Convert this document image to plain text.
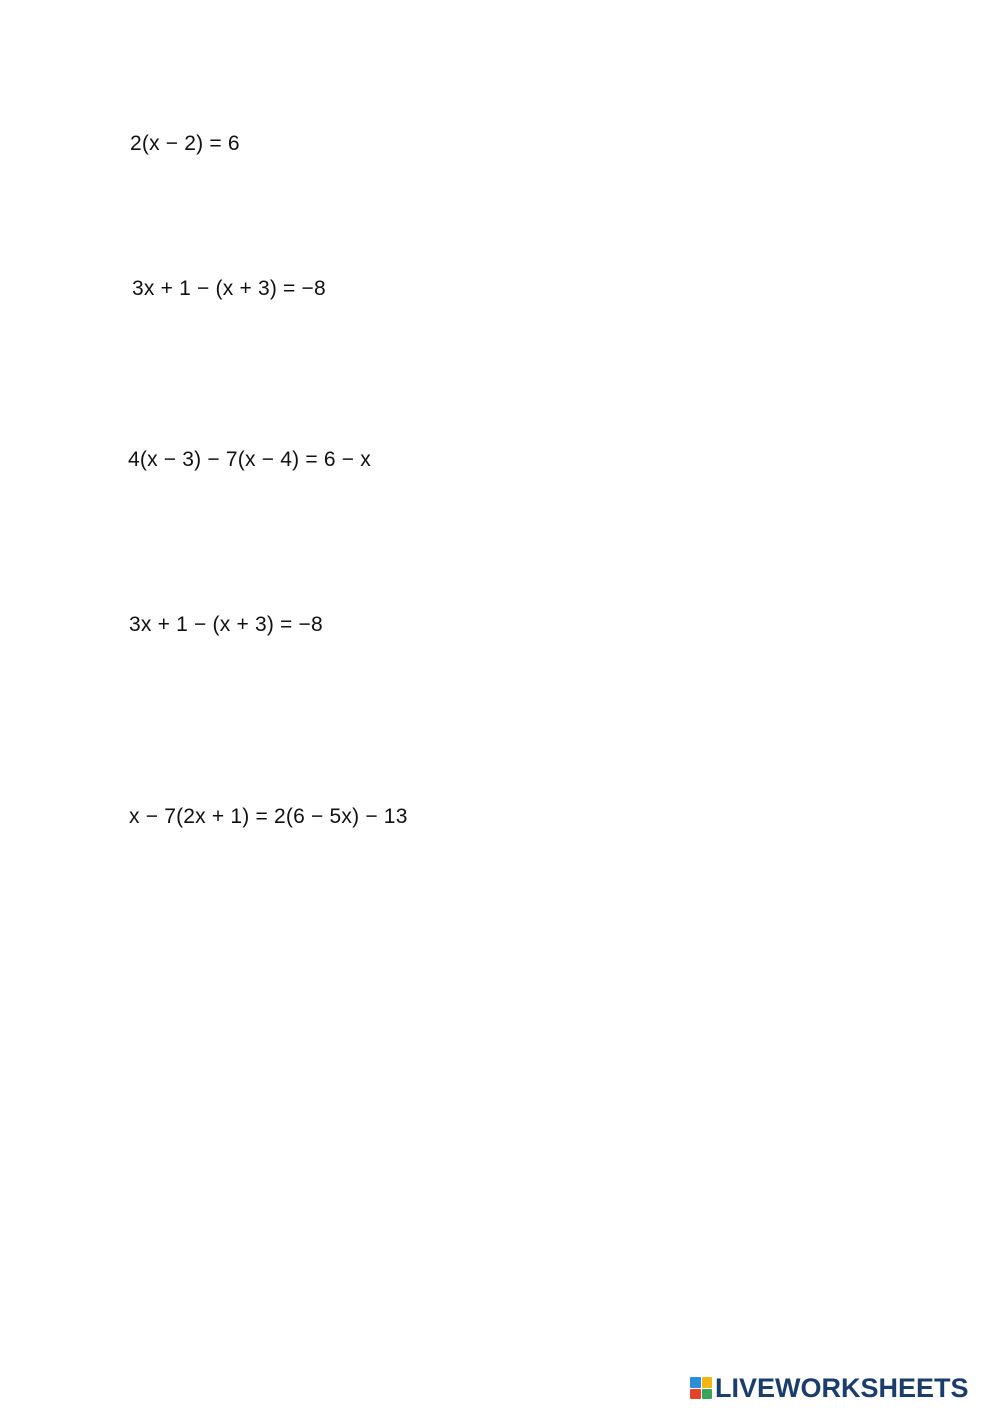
2(x − 2) = 6
3x + 1 − (x + 3) = −8
4(x − 3) − 7(x − 4) = 6 − x
3x + 1 − (x + 3) = −8
x − 7(2x + 1) = 2(6 − 5x) − 13
LIVEWORKSHEETS
